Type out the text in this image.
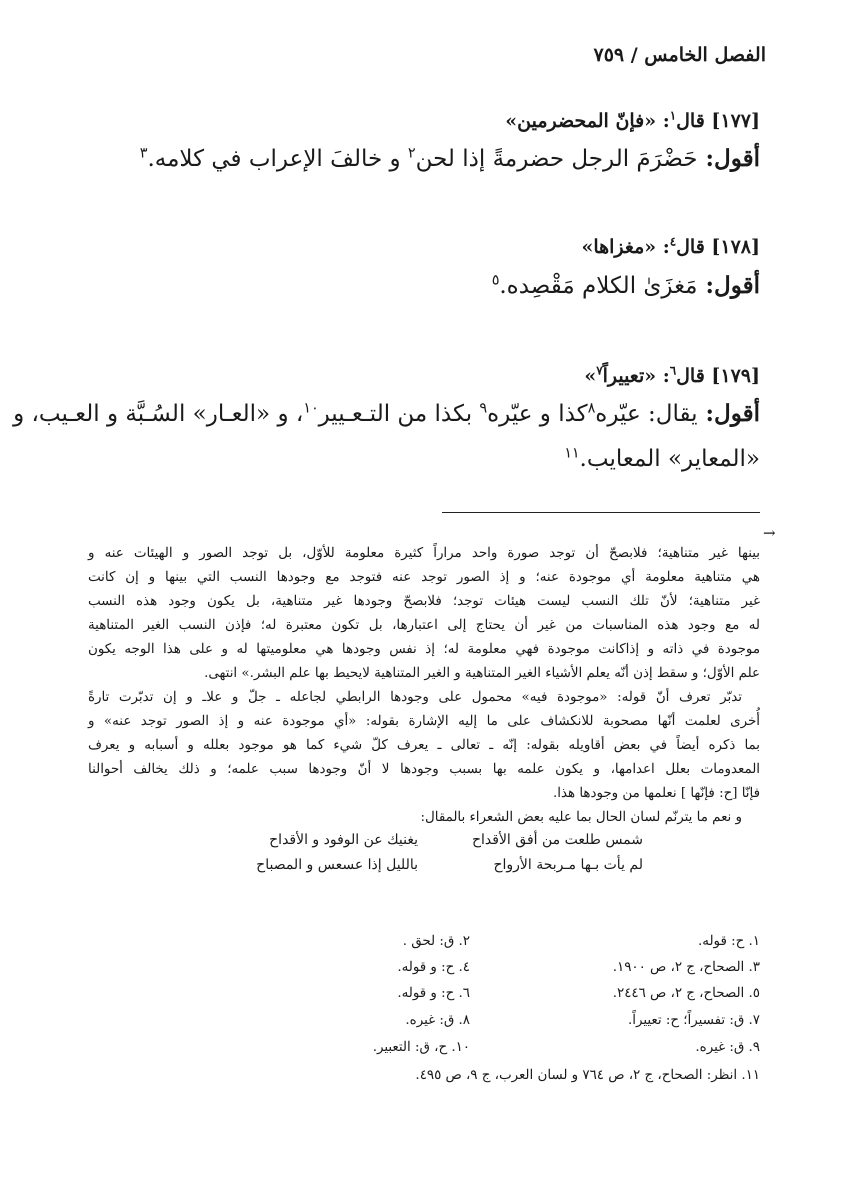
الفصل الخامس / ٧٥٩
[١٧٧] قال$^١$: «فإنّ المحضرمين»
أقول: حَضْرَمَ الرجل حضرمةً إذا لحن$^٢$ و خالفَ الإعراب في كلامه.$^٣$
[١٧٨] قال$^٤$: «مغزاها»
أقول: مَغزَىٰ الكلام مَقْصِده.$^٥$
[١٧٩] قال$^٦$: «تعييراً$^٧$»
أقول: يقال: عيّره$^٨$كذا و عيّره$^٩$ بكذا من التـعـيير$^{١٠}$، و «العـار» السُـبَّة و العـيب، و
«المعاير» المعايب.$^{١١}$
→
بينها غير متناهية؛ فلابصحّ أن توجد صورة واحد مراراً كثيرة معلومة للأوّل، بل توجد الصور و الهيئات عنه و
هي متناهية معلومة أي موجودة عنه؛ و إذ الصور توجد عنه فتوجد مع وجودها النسب التي بينها و إن كانت
غير متناهية؛ لأنّ تلك النسب ليست هيئات توجد؛ فلابصحّ وجودها غير متناهية، بل يكون وجود هذه النسب
له مع وجود هذه المناسبات من غير أن يحتاج إلى اعتبارها، بل تكون معتبرة له؛ فإذن النسب الغير المتناهية
موجودة في ذاته و إذاكانت موجودة فهي معلومة له؛ إذ نفس وجودها هي معلوميتها له و على هذا الوجه يكون
علم الأوّل؛ و سقط إذن أنّه يعلم الأشياء الغير المتناهية و الغير المتناهية لايحيط بها علم البشر.» انتهى.
تدبّر تعرف أنّ قوله: «موجودة فيه» محمول على وجودها الرابطي لجاعله ـ جلّ و علاـ و إن تدبّرت تارةً
أُخرى لعلمت أنّها مصحوبة للانكشاف على ما إليه الإشارة بقوله: «أي موجودة عنه و إذ الصور توجد عنه» و
بما ذكره أيضاً في بعض أقاويله بقوله: إنّه ـ تعالى ـ يعرف كلّ شيء كما هو موجود بعلله و أسبابه و يعرف
المعدومات بعلل اعدامها، و يكون علمه بها بسبب وجودها لا أنّ وجودها سبب علمه؛ و ذلك يخالف أحوالنا
فإنّا [ح: فإنّها ] نعلمها من وجودها هذا.
و نعم ما يترنّم لسان الحال بما عليه بعض الشعراء بالمقال:
شمس طلعت من أفق الأقداح
يغنيك عن الوفود و الأقداح
لم يأت بـها مـربحة الأرواح
بالليل إذا عسعس و المصباح
١. ح: قوله.
٢. ق: لحق .
٣. الصحاح، ج ٢، ص ١٩٠٠.
٤. ح: و قوله.
٥. الصحاح، ج ٢، ص ٢٤٤٦.
٦. ح: و قوله.
٧. ق: تفسيراً؛ ح: تعييراً.
٨. ق: غيره.
٩. ق: غيره.
١٠. ح، ق: التعبير.
١١. انظر: الصحاح، ج ٢، ص ٧٦٤ و لسان العرب، ج ٩، ص ٤٩٥.
